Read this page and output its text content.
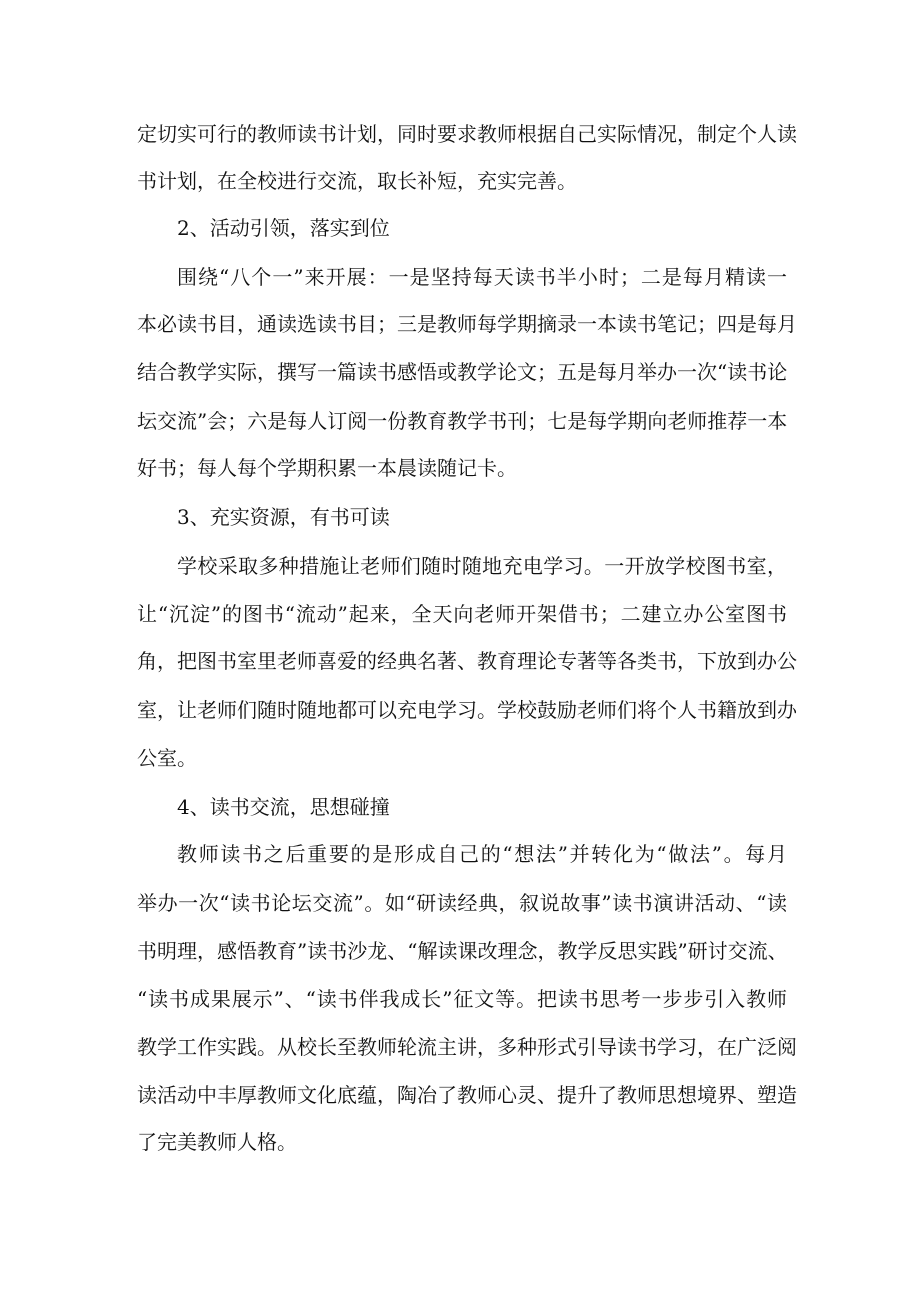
定切实可行的教师读书计划，同时要求教师根据自己实际情况，制定个人读
书计划，在全校进行交流，取长补短，充实完善。
2、活动引领，落实到位
围绕“八个一”来开展：一是坚持每天读书半小时；二是每月精读一
本必读书目，通读选读书目；三是教师每学期摘录一本读书笔记；四是每月
结合教学实际，撰写一篇读书感悟或教学论文；五是每月举办一次“读书论
坛交流”会；六是每人订阅一份教育教学书刊；七是每学期向老师推荐一本
好书；每人每个学期积累一本晨读随记卡。
3、充实资源，有书可读
学校采取多种措施让老师们随时随地充电学习。一开放学校图书室，
让“沉淀”的图书“流动”起来，全天向老师开架借书；二建立办公室图书
角，把图书室里老师喜爱的经典名著、教育理论专著等各类书，下放到办公
室，让老师们随时随地都可以充电学习。学校鼓励老师们将个人书籍放到办
公室。
4、读书交流，思想碰撞
教师读书之后重要的是形成自己的“想法”并转化为“做法”。每月
举办一次“读书论坛交流”。如“研读经典，叙说故事”读书演讲活动、“读
书明理，感悟教育”读书沙龙、“解读课改理念，教学反思实践”研讨交流、
“读书成果展示”、“读书伴我成长”征文等。把读书思考一步步引入教师
教学工作实践。从校长至教师轮流主讲，多种形式引导读书学习，在广泛阅
读活动中丰厚教师文化底蕴，陶冶了教师心灵、提升了教师思想境界、塑造
了完美教师人格。
